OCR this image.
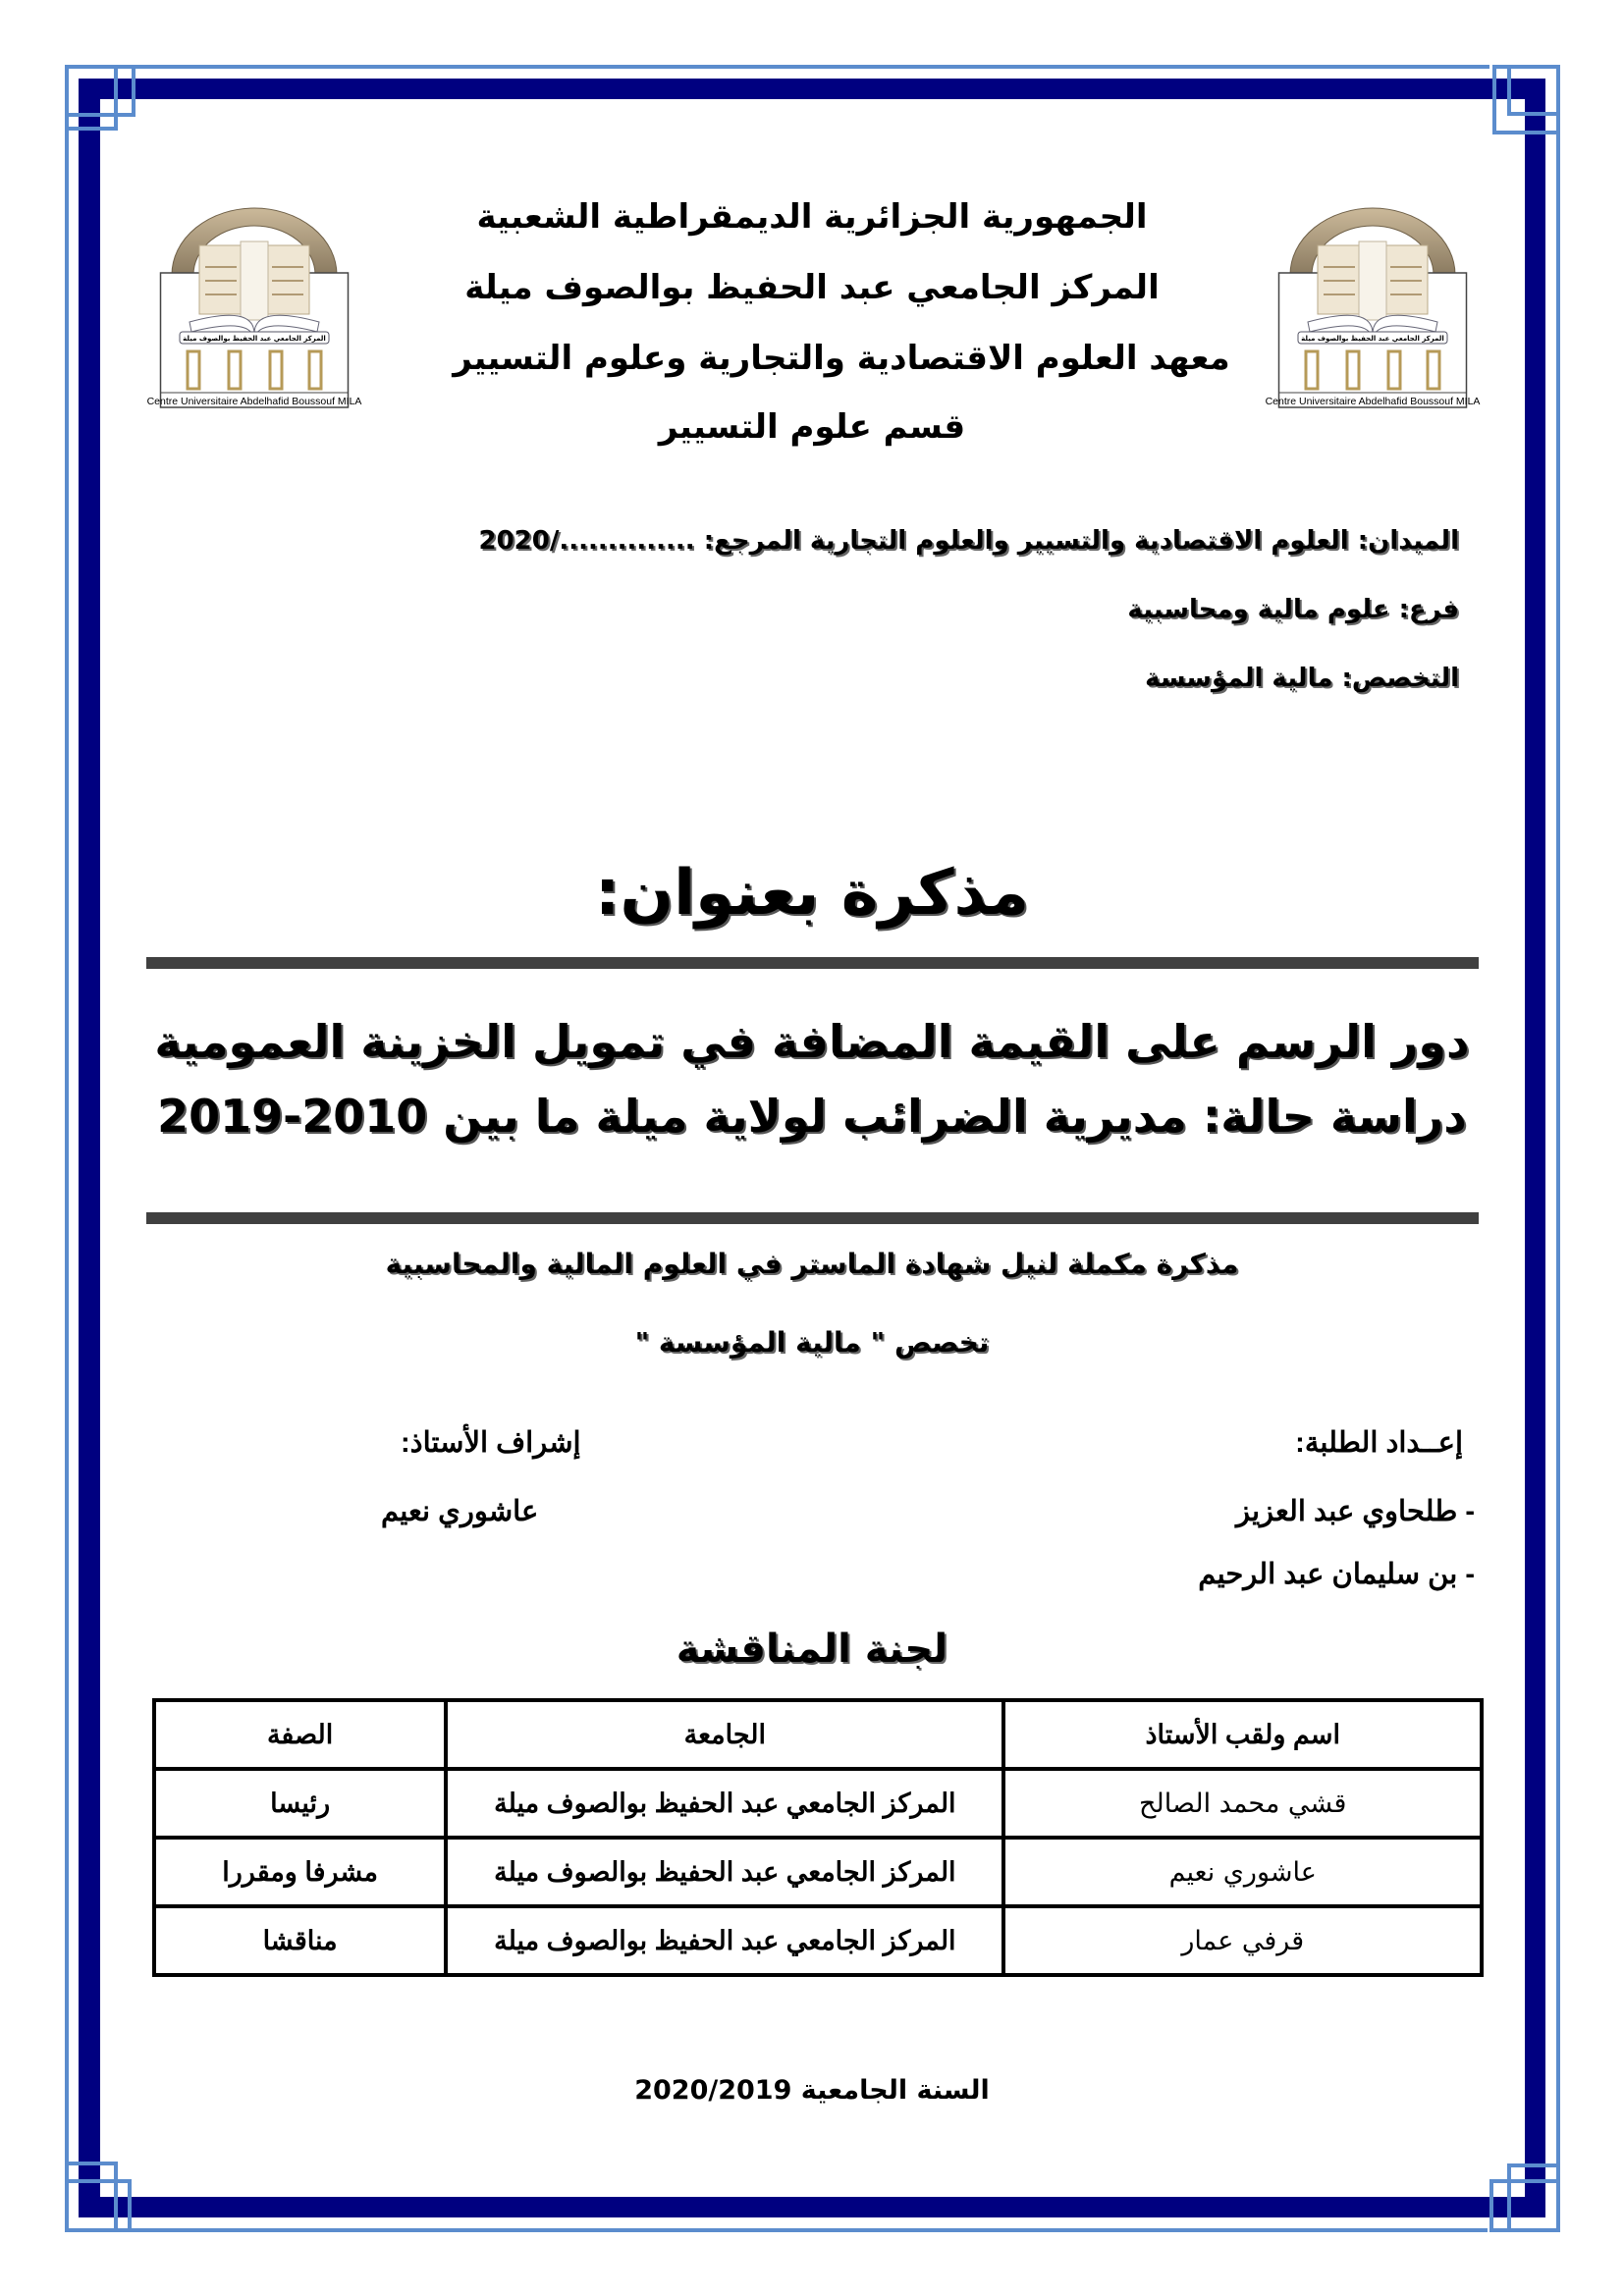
المركز الجامعي عبد الحفيظ بوالصوف ميلة
Centre Universitaire Abdelhafid Boussouf MILA
المركز الجامعي عبد الحفيظ بوالصوف ميلة
Centre Universitaire Abdelhafid Boussouf MILA
الجمهورية الجزائرية الديمقراطية الشعبية
المركز الجامعي عبد الحفيظ بوالصوف ميلة
معهد العلوم الاقتصادية والتجارية وعلوم التسيير
قسم علوم التسيير
الميدان: العلوم الاقتصادية والتسيير والعلوم التجارية المرجع: ............../2020
فرع: علوم مالية ومحاسبية
التخصص: مالية المؤسسة
مذكرة بعنوان:
دور الرسم على القيمة المضافة في تمويل الخزينة العمومية
دراسة حالة: مديرية الضرائب لولاية ميلة ما بين 2010-2019
مذكرة مكملة لنيل شهادة الماستر في العلوم المالية والمحاسبية
تخصص " مالية المؤسسة "
إعــداد الطلبة:
- طلحاوي عبد العزيز
- بن سليمان عبد الرحيم
إشراف الأستاذ:
عاشوري نعيم
لجنة المناقشة
اسم ولقب الأستاذ	الجامعة	الصفة
قشي محمد الصالح	المركز الجامعي عبد الحفيظ بوالصوف ميلة	رئيسا
عاشوري نعيم	المركز الجامعي عبد الحفيظ بوالصوف ميلة	مشرفا ومقررا
قرفي عمار	المركز الجامعي عبد الحفيظ بوالصوف ميلة	مناقشا
السنة الجامعية 2020/2019
